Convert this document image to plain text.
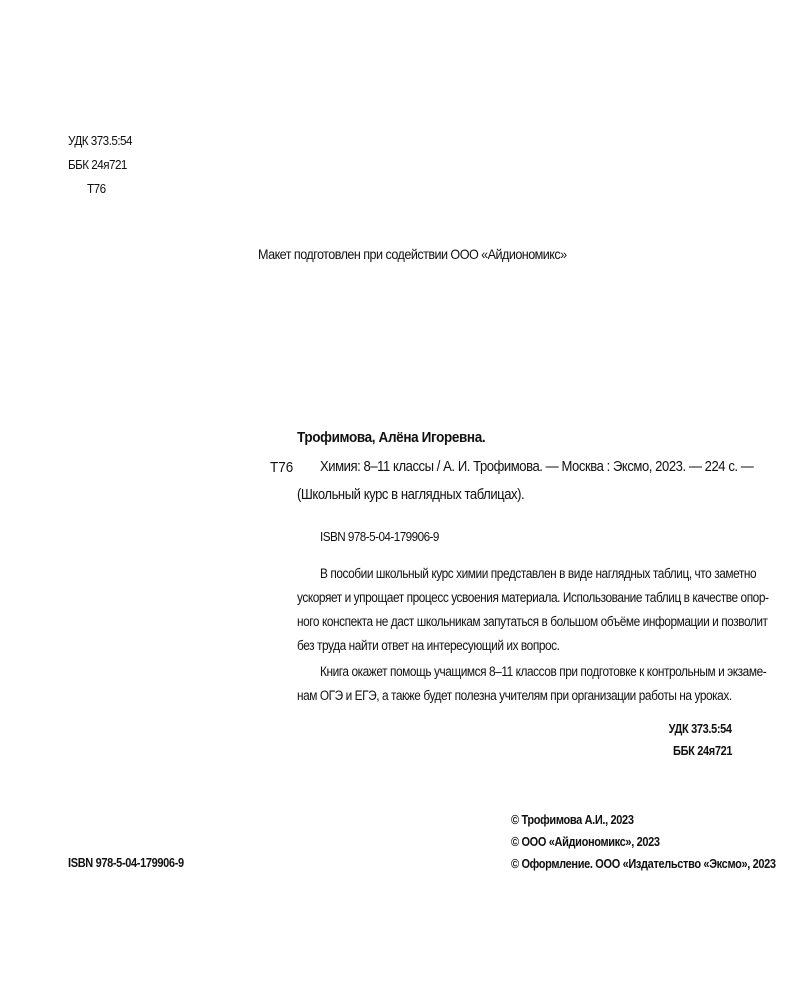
УДК 373.5:54
ББК 24я721
Т76
Макет подготовлен при содействии ООО «Айдиономикс»
Трофимова, Алёна Игоревна.
Т76 Химия: 8–11 классы / А. И. Трофимова. — Москва : Эксмо, 2023. — 224 с. —
(Школьный курс в наглядных таблицах).
ISBN 978-5-04-179906-9
В пособии школьный курс химии представлен в виде наглядных таблиц, что заметно
ускоряет и упрощает процесс усвоения материала. Использование таблиц в качестве опор-
ного конспекта не даст школьникам запутаться в большом объёме информации и позволит
без труда найти ответ на интересующий их вопрос.
Книга окажет помощь учащимся 8–11 классов при подготовке к контрольным и экзаме-
нам ОГЭ и ЕГЭ, а также будет полезна учителям при организации работы на уроках.
УДК 373.5:54
ББК 24я721
ISBN 978-5-04-179906-9
© Трофимова А.И., 2023
© ООО «Айдиономикс», 2023
© Оформление. ООО «Издательство «Эксмо», 2023
